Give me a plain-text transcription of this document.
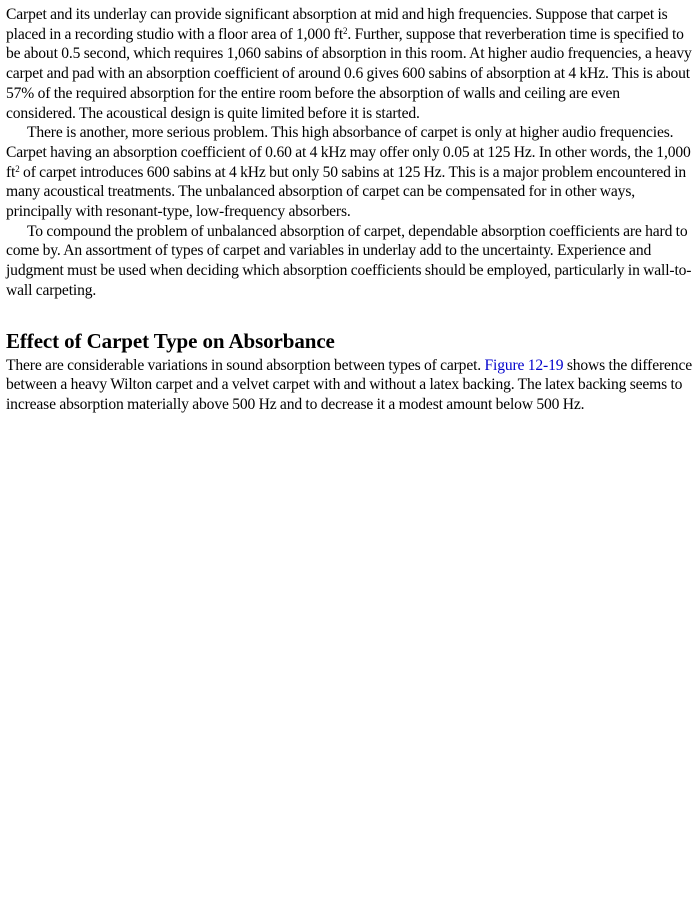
Carpet and its underlay can provide significant absorption at mid and high frequencies. Suppose that carpet is placed in a recording studio with a floor area of 1,000 $ft^2$. Further, suppose that reverberation time is specified to be about 0.5 second, which requires 1,060 sabins of absorption in this room. At higher audio frequencies, a heavy carpet and pad with an absorption coefficient of around 0.6 gives 600 sabins of absorption at 4 kHz. This is about 57% of the required absorption for the entire room before the absorption of walls and ceiling are even considered. The acoustical design is quite limited before it is started.

There is another, more serious problem. This high absorbance of carpet is only at higher audio frequencies. Carpet having an absorption coefficient of 0.60 at 4 kHz may offer only 0.05 at 125 Hz. In other words, the 1,000 $ft^2$ of carpet introduces 600 sabins at 4 kHz but only 50 sabins at 125 Hz. This is a major problem encountered in many acoustical treatments. The unbalanced absorption of carpet can be compensated for in other ways, principally with resonant-type, low-frequency absorbers.

To compound the problem of unbalanced absorption of carpet, dependable absorption coefficients are hard to come by. An assortment of types of carpet and variables in underlay add to the uncertainty. Experience and judgment must be used when deciding which absorption coefficients should be employed, particularly in wall-to-wall carpeting.

Effect of Carpet Type on Absorbance

There are considerable variations in sound absorption between types of carpet. Figure 12-19 shows the difference between a heavy Wilton carpet and a velvet carpet with and without a latex backing. The latex backing seems to increase absorption materially above 500 Hz and to decrease it a modest amount below 500 Hz.
